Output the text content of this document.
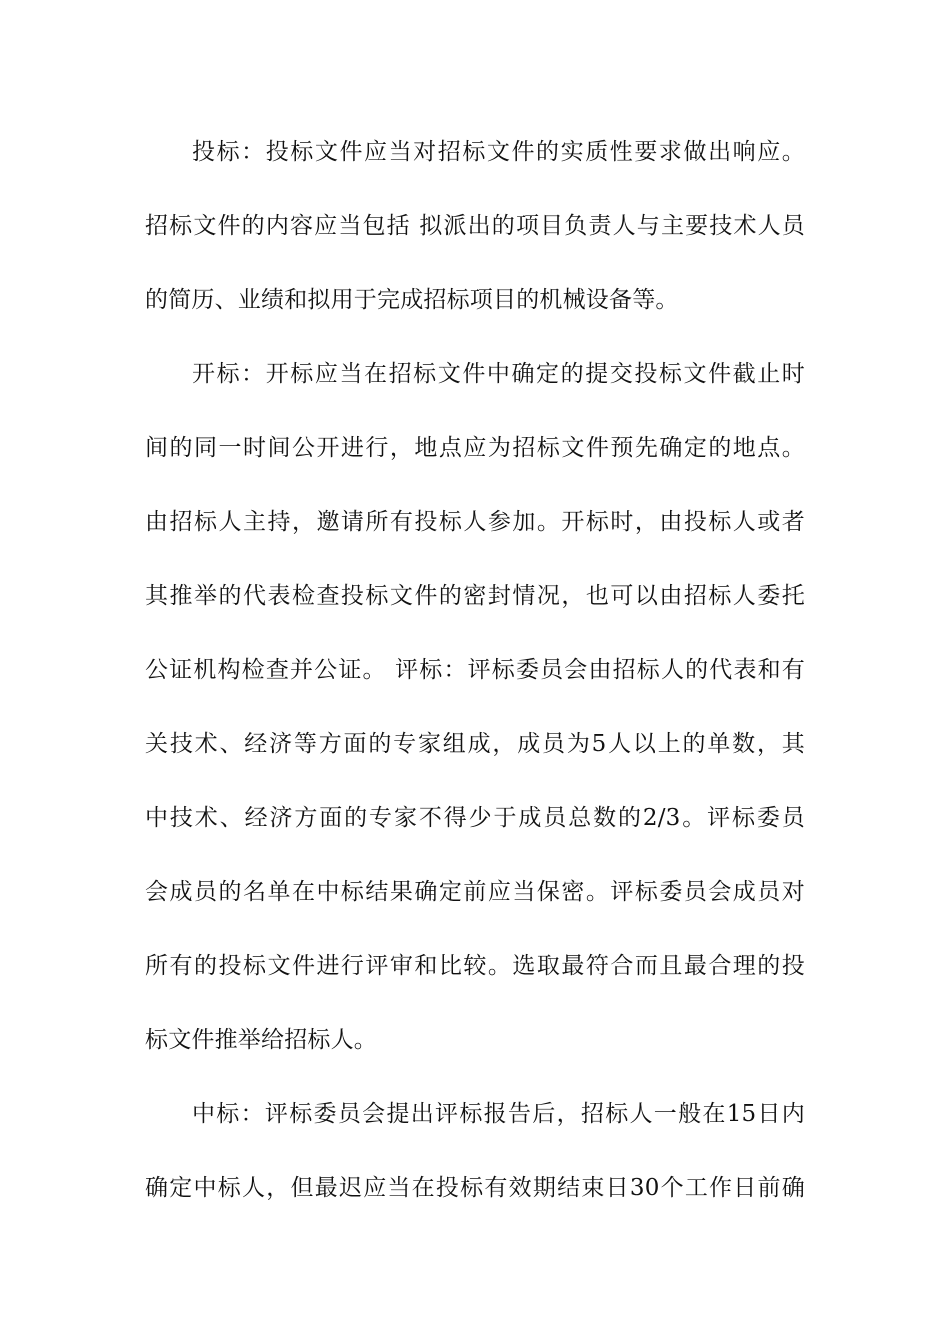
投标：投标文件应当对招标文件的实质性要求做出响应。
招标文件的内容应当包括 拟派出的项目负责人与主要技术人员
的简历、业绩和拟用于完成招标项目的机械设备等。
开标：开标应当在招标文件中确定的提交投标文件截止时
间的同一时间公开进行，地点应为招标文件预先确定的地点。
由招标人主持，邀请所有投标人参加。开标时，由投标人或者
其推举的代表检查投标文件的密封情况，也可以由招标人委托
公证机构检查并公证。 评标：评标委员会由招标人的代表和有
关技术、经济等方面的专家组成，成员为5人以上的单数，其
中技术、经济方面的专家不得少于成员总数的2/3。评标委员
会成员的名单在中标结果确定前应当保密。评标委员会成员对
所有的投标文件进行评审和比较。选取最符合而且最合理的投
标文件推举给招标人。
中标：评标委员会提出评标报告后，招标人一般在15日内
确定中标人，但最迟应当在投标有效期结束日30个工作日前确
